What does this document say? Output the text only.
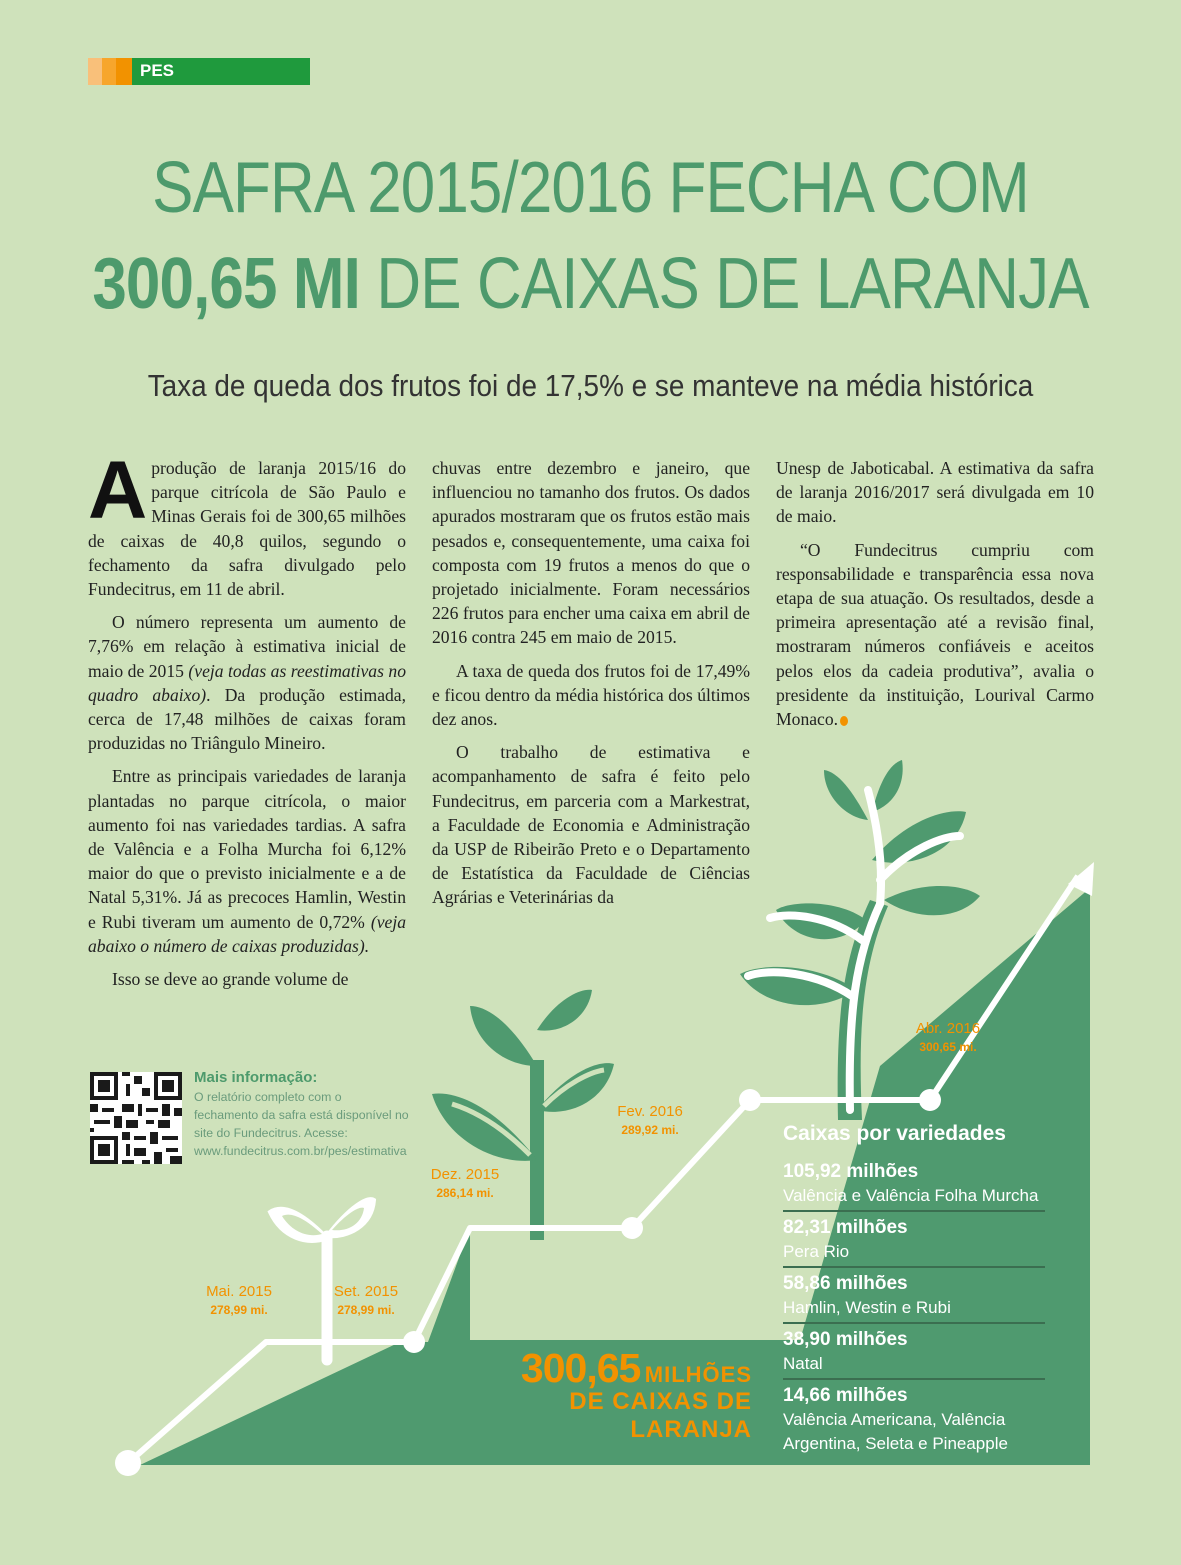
PES
SAFRA 2015/2016 FECHA COM
300,65 MI DE CAIXAS DE LARANJA
Taxa de queda dos frutos foi de 17,5% e se manteve na média histórica

Aprodução de laranja 2015/16 do parque citrícola de São Paulo e Minas Gerais foi de 300,65 milhões de caixas de 40,8 quilos, segundo o fechamento da safra divulgado pelo Fundecitrus, em 11 de abril.

O número representa um aumento de 7,76% em relação à estimativa inicial de maio de 2015 (veja todas as reestimativas no quadro abaixo). Da produção estimada, cerca de 17,48 milhões de caixas foram produzidas no Triângulo Mineiro.

Entre as principais variedades de laranja plantadas no parque citrícola, o maior aumento foi nas variedades tardias. A safra de Valência e a Folha Murcha foi 6,12% maior do que o previsto inicialmente e a de Natal 5,31%. Já as precoces Hamlin, Westin e Rubi tiveram um aumento de 0,72% (veja abaixo o número de caixas produzidas).

Isso se deve ao grande volume de

chuvas entre dezembro e janeiro, que influenciou no tamanho dos frutos. Os dados apurados mostraram que os frutos estão mais pesados e, consequentemente, uma caixa foi composta com 19 frutos a menos do que o projetado inicialmente. Foram necessários 226 frutos para encher uma caixa em abril de 2016 contra 245 em maio de 2015.

A taxa de queda dos frutos foi de 17,49% e ficou dentro da média histórica dos últimos dez anos.

O trabalho de estimativa e acompanhamento de safra é feito pelo Fundecitrus, em parceria com a Markestrat, a Faculdade de Economia e Administração da USP de Ribeirão Preto e o Departamento de Estatística da Faculdade de Ciências Agrárias e Veterinárias da

Unesp de Jaboticabal. A estimativa da safra de laranja 2016/2017 será divulgada em 10 de maio.

“O Fundecitrus cumpriu com responsabilidade e transparência essa nova etapa de sua atuação. Os resultados, desde a primeira apresentação até a revisão final, mostraram números confiáveis e aceitos pelos elos da cadeia produtiva”, avalia o presidente da instituição, Lourival Carmo Monaco.

Mai. 2015
278,99 mi.
Set. 2015
278,99 mi.
Dez. 2015
286,14 mi.
Fev. 2016
289,92 mi.
Abr. 2016
300,65 mi.
Mais informação:
O relatório completo com o fechamento da safra está disponível no site do Fundecitrus. Acesse: www.fundecitrus.com.br/pes/estimativa
300,65 MILHÕES
DE CAIXAS DE LARANJA
Caixas por variedades
105,92 milhões
Valência e Valência Folha Murcha
82,31 milhões
Pera Rio
58,86 milhões
Hamlin, Westin e Rubi
38,90 milhões
Natal
14,66 milhões
Valência Americana, Valência Argentina, Seleta e Pineapple
